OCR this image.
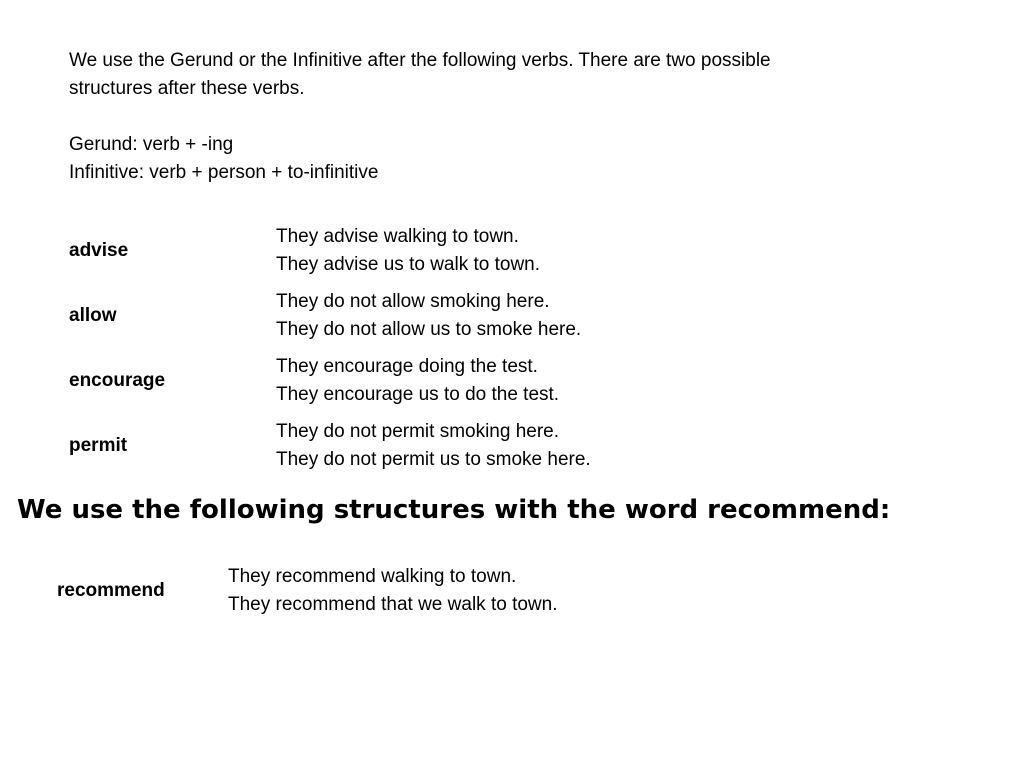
We use the Gerund or the Infinitive after the following verbs. There are two possible

structures after these verbs.

Gerund: verb + -ing
Infinitive: verb + person + to-infinitive
advise
They advise walking to town.
They advise us to walk to town.
allow
They do not allow smoking here.
They do not allow us to smoke here.
encourage
They encourage doing the test.
They encourage us to do the test.
permit
They do not permit smoking here.
They do not permit us to smoke here.
We use the following structures with the word recommend:
recommend
They recommend walking to town.
They recommend that we walk to town.
